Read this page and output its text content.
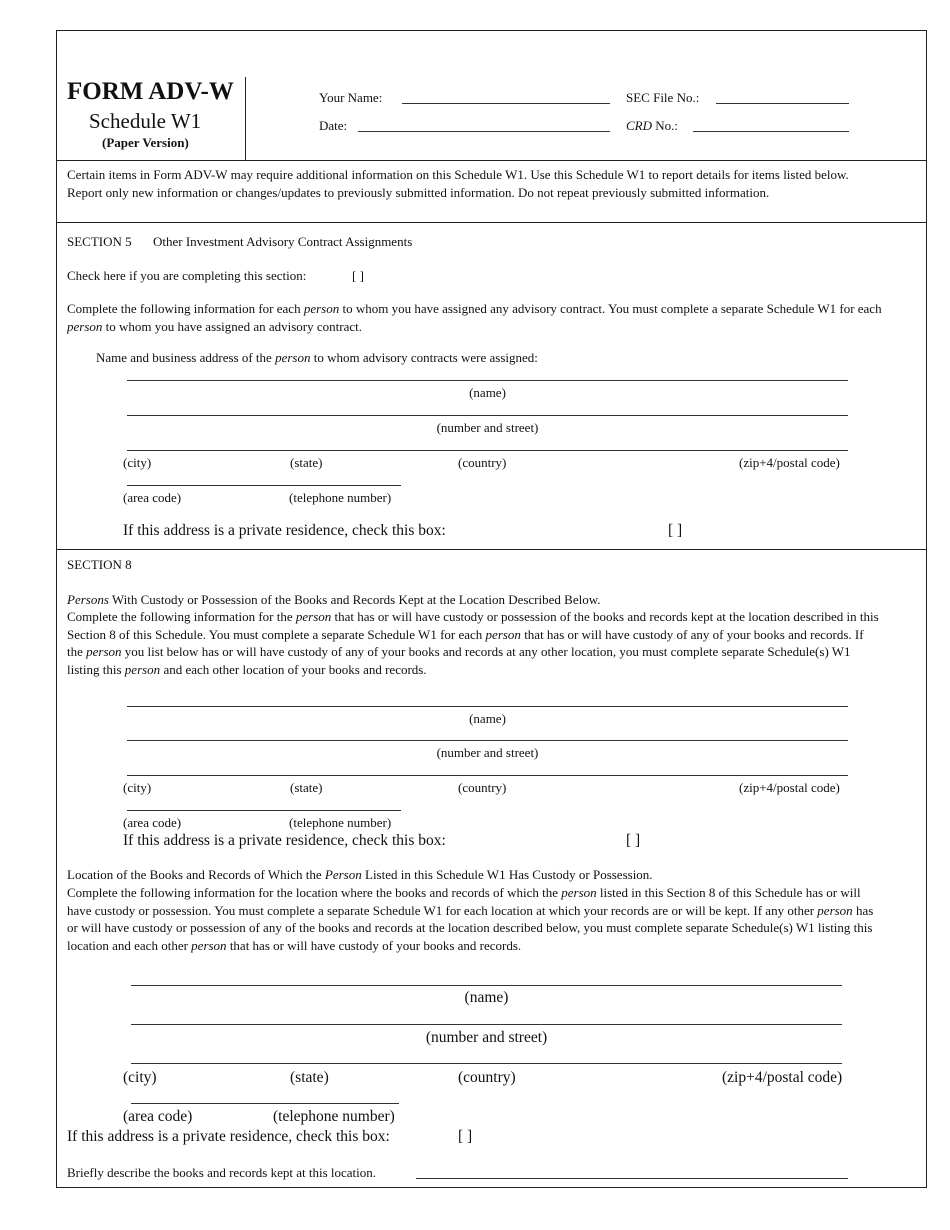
FORM ADV-W
Schedule W1
(Paper Version)
Your Name:	SEC File No.:
Date:	CRD No.:
Certain items in Form ADV-W may require additional information on this Schedule W1. Use this Schedule W1 to report details for items listed below. Report only new information or changes/updates to previously submitted information. Do not repeat previously submitted information.
SECTION 5 Other Investment Advisory Contract Assignments
Check here if you are completing this section:	[ ]
Complete the following information for each person to whom you have assigned any advisory contract. You must complete a separate Schedule W1 for each person to whom you have assigned an advisory contract.
Name and business address of the person to whom advisory contracts were assigned:
(name)
(number and street)
(city)	(state)	(country)	(zip+4/postal code)
(area code)	(telephone number)
If this address is a private residence, check this box:	[ ]
SECTION 8
Persons With Custody or Possession of the Books and Records Kept at the Location Described Below.
Complete the following information for the person that has or will have custody or possession of the books and records kept at the location described in this Section 8 of this Schedule. You must complete a separate Schedule W1 for each person that has or will have custody of any of your books and records. If the person you list below has or will have custody of any of your books and records at any other location, you must complete separate Schedule(s) W1 listing this person and each other location of your books and records.
(name)
(number and street)
(city)	(state)	(country)	(zip+4/postal code)
(area code)	(telephone number)
If this address is a private residence, check this box:	[ ]
Location of the Books and Records of Which the Person Listed in this Schedule W1 Has Custody or Possession.
Complete the following information for the location where the books and records of which the person listed in this Section 8 of this Schedule has or will have custody or possession. You must complete a separate Schedule W1 for each location at which your records are or will be kept. If any other person has or will have custody or possession of any of the books and records at the location described below, you must complete separate Schedule(s) W1 listing this location and each other person that has or will have custody of your books and records.
(name)
(number and street)
(city)	(state)	(country)	(zip+4/postal code)
(area code)	(telephone number)
If this address is a private residence, check this box:	[ ]
Briefly describe the books and records kept at this location.
